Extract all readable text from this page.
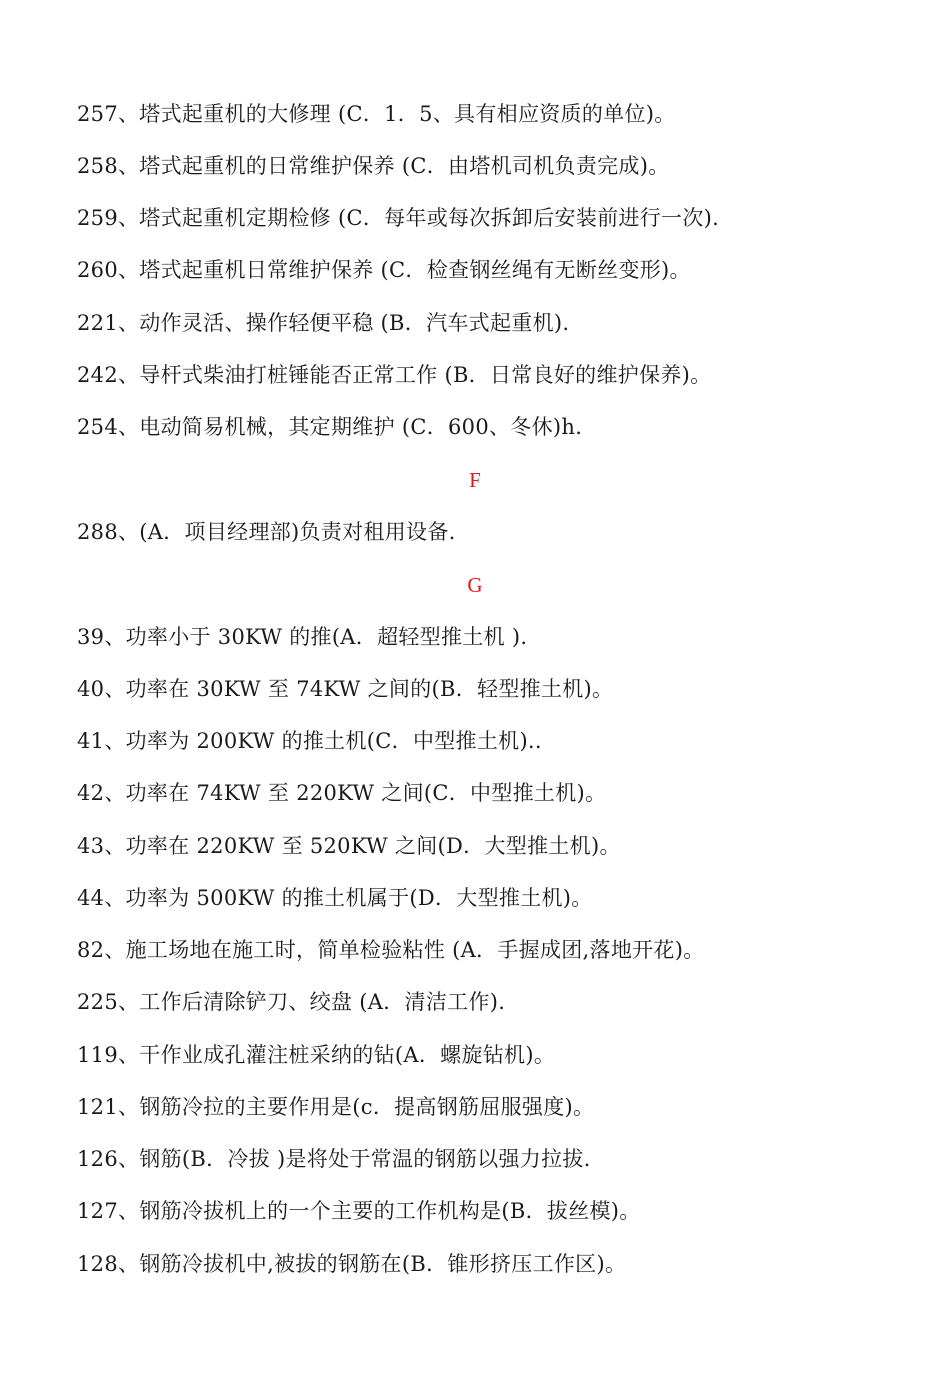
257、塔式起重机的大修理 (C．1．5、具有相应资质的单位)。
258、塔式起重机的日常维护保养 (C．由塔机司机负责完成)。
259、塔式起重机定期检修 (C．每年或每次拆卸后安装前进行一次).
260、塔式起重机日常维护保养 (C．检查钢丝绳有无断丝变形)。
221、动作灵活、操作轻便平稳 (B．汽车式起重机).
242、导杆式柴油打桩锤能否正常工作 (B．日常良好的维护保养)。
254、电动简易机械，其定期维护 (C．600、冬休)h.
F
288、(A．项目经理部)负责对租用设备.
G
39、功率小于 30KW 的推(A．超轻型推土机 ).
40、功率在 30KW 至 74KW 之间的(B．轻型推土机)。
41、功率为 200KW 的推土机(C．中型推土机)..
42、功率在 74KW 至 220KW 之间(C．中型推土机)。
43、功率在 220KW 至 520KW 之间(D．大型推土机)。
44、功率为 500KW 的推土机属于(D．大型推土机)。
82、施工场地在施工时，简单检验粘性 (A．手握成团,落地开花)。
225、工作后清除铲刀、绞盘 (A．清洁工作).
119、干作业成孔灌注桩采纳的钻(A．螺旋钻机)。
121、钢筋冷拉的主要作用是(c．提高钢筋屈服强度)。
126、钢筋(B．冷拔 )是将处于常温的钢筋以强力拉拔.
127、钢筋冷拔机上的一个主要的工作机构是(B．拔丝模)。
128、钢筋冷拔机中,被拔的钢筋在(B．锥形挤压工作区)。
